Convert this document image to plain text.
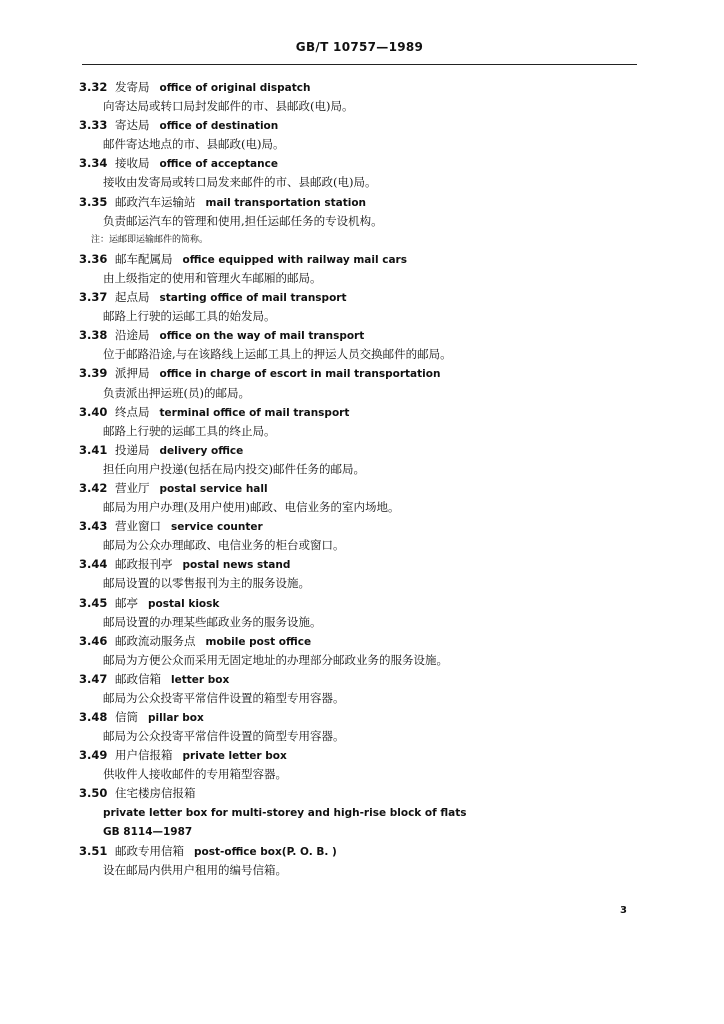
GB/T 10757—1989
3.32 发寄局 office of original dispatch
向寄达局或转口局封发邮件的市、县邮政(电)局。
3.33 寄达局 office of destination
邮件寄达地点的市、县邮政(电)局。
3.34 接收局 office of acceptance
接收由发寄局或转口局发来邮件的市、县邮政(电)局。
3.35 邮政汽车运输站 mail transportation station
负责邮运汽车的管理和使用,担任运邮任务的专设机构。
注：运邮即运输邮件的简称。
3.36 邮车配属局 office equipped with railway mail cars
由上级指定的使用和管理火车邮厢的邮局。
3.37 起点局 starting office of mail transport
邮路上行驶的运邮工具的始发局。
3.38 沿途局 office on the way of mail transport
位于邮路沿途,与在该路线上运邮工具上的押运人员交换邮件的邮局。
3.39 派押局 office in charge of escort in mail transportation
负责派出押运班(员)的邮局。
3.40 终点局 terminal office of mail transport
邮路上行驶的运邮工具的终止局。
3.41 投递局 delivery office
担任向用户投递(包括在局内投交)邮件任务的邮局。
3.42 营业厅 postal service hall
邮局为用户办理(及用户使用)邮政、电信业务的室内场地。
3.43 营业窗口 service counter
邮局为公众办理邮政、电信业务的柜台或窗口。
3.44 邮政报刊亭 postal news stand
邮局设置的以零售报刊为主的服务设施。
3.45 邮亭 postal kiosk
邮局设置的办理某些邮政业务的服务设施。
3.46 邮政流动服务点 mobile post office
邮局为方便公众而采用无固定地址的办理部分邮政业务的服务设施。
3.47 邮政信箱 letter box
邮局为公众投寄平常信件设置的箱型专用容器。
3.48 信筒 pillar box
邮局为公众投寄平常信件设置的筒型专用容器。
3.49 用户信报箱 private letter box
供收件人接收邮件的专用箱型容器。
3.50 住宅楼房信报箱
private letter box for multi-storey and high-rise block of flats
GB 8114—1987
3.51 邮政专用信箱 post-office box(P. O. B. )
设在邮局内供用户租用的编号信箱。
3
